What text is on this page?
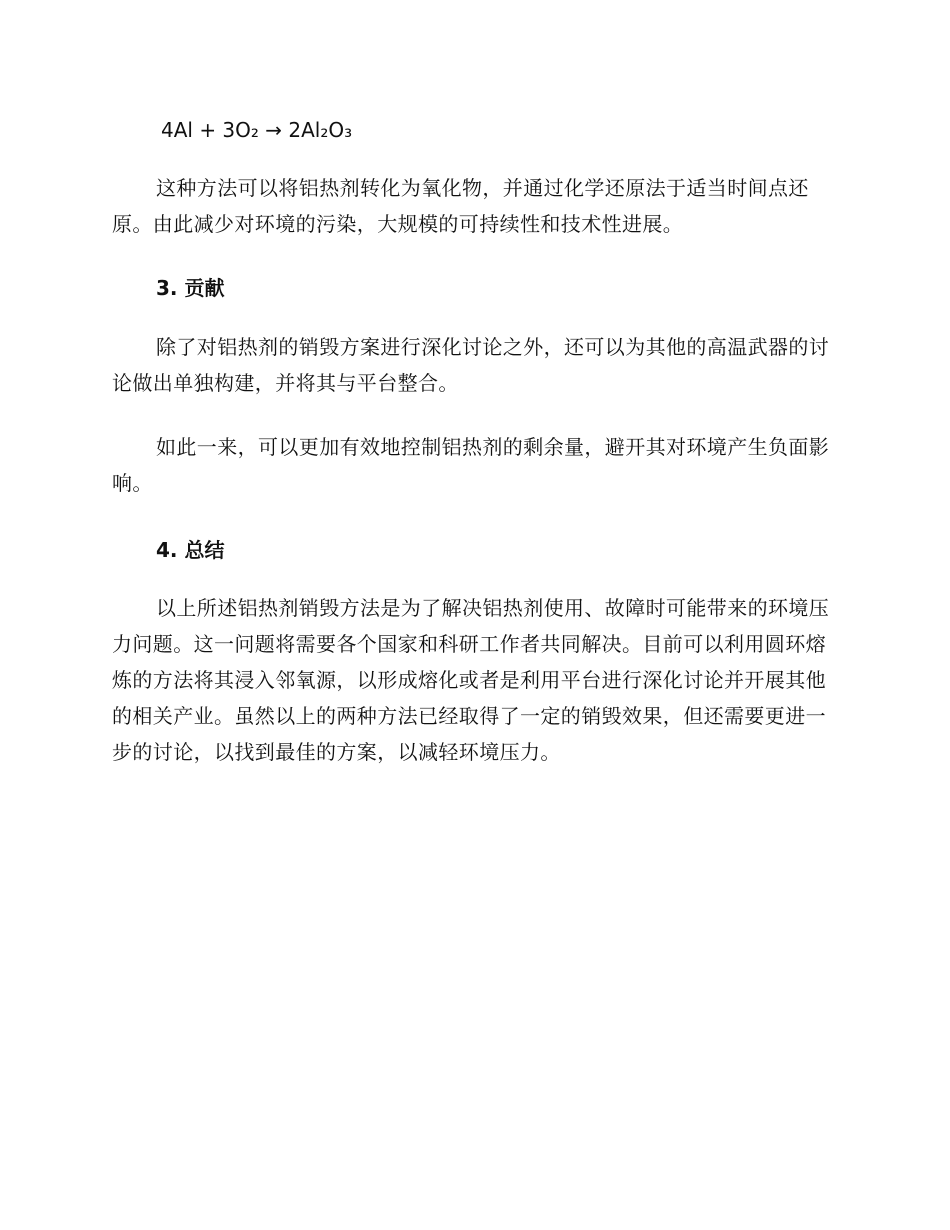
4Al + 3O₂ → 2Al₂O₃

这种方法可以将铝热剂转化为氧化物，并通过化学还原法于适当时间点还原。由此减少对环境的污染，大规模的可持续性和技术性进展。

3. 贡献

除了对铝热剂的销毁方案进行深化讨论之外，还可以为其他的高温武器的讨论做出单独构建，并将其与平台整合。

如此一来，可以更加有效地控制铝热剂的剩余量，避开其对环境产生负面影响。

4. 总结

以上所述铝热剂销毁方法是为了解决铝热剂使用、故障时可能带来的环境压力问题。这一问题将需要各个国家和科研工作者共同解决。目前可以利用圆环熔炼的方法将其浸入邻氧源，以形成熔化或者是利用平台进行深化讨论并开展其他的相关产业。虽然以上的两种方法已经取得了一定的销毁效果，但还需要更进一步的讨论，以找到最佳的方案，以减轻环境压力。
